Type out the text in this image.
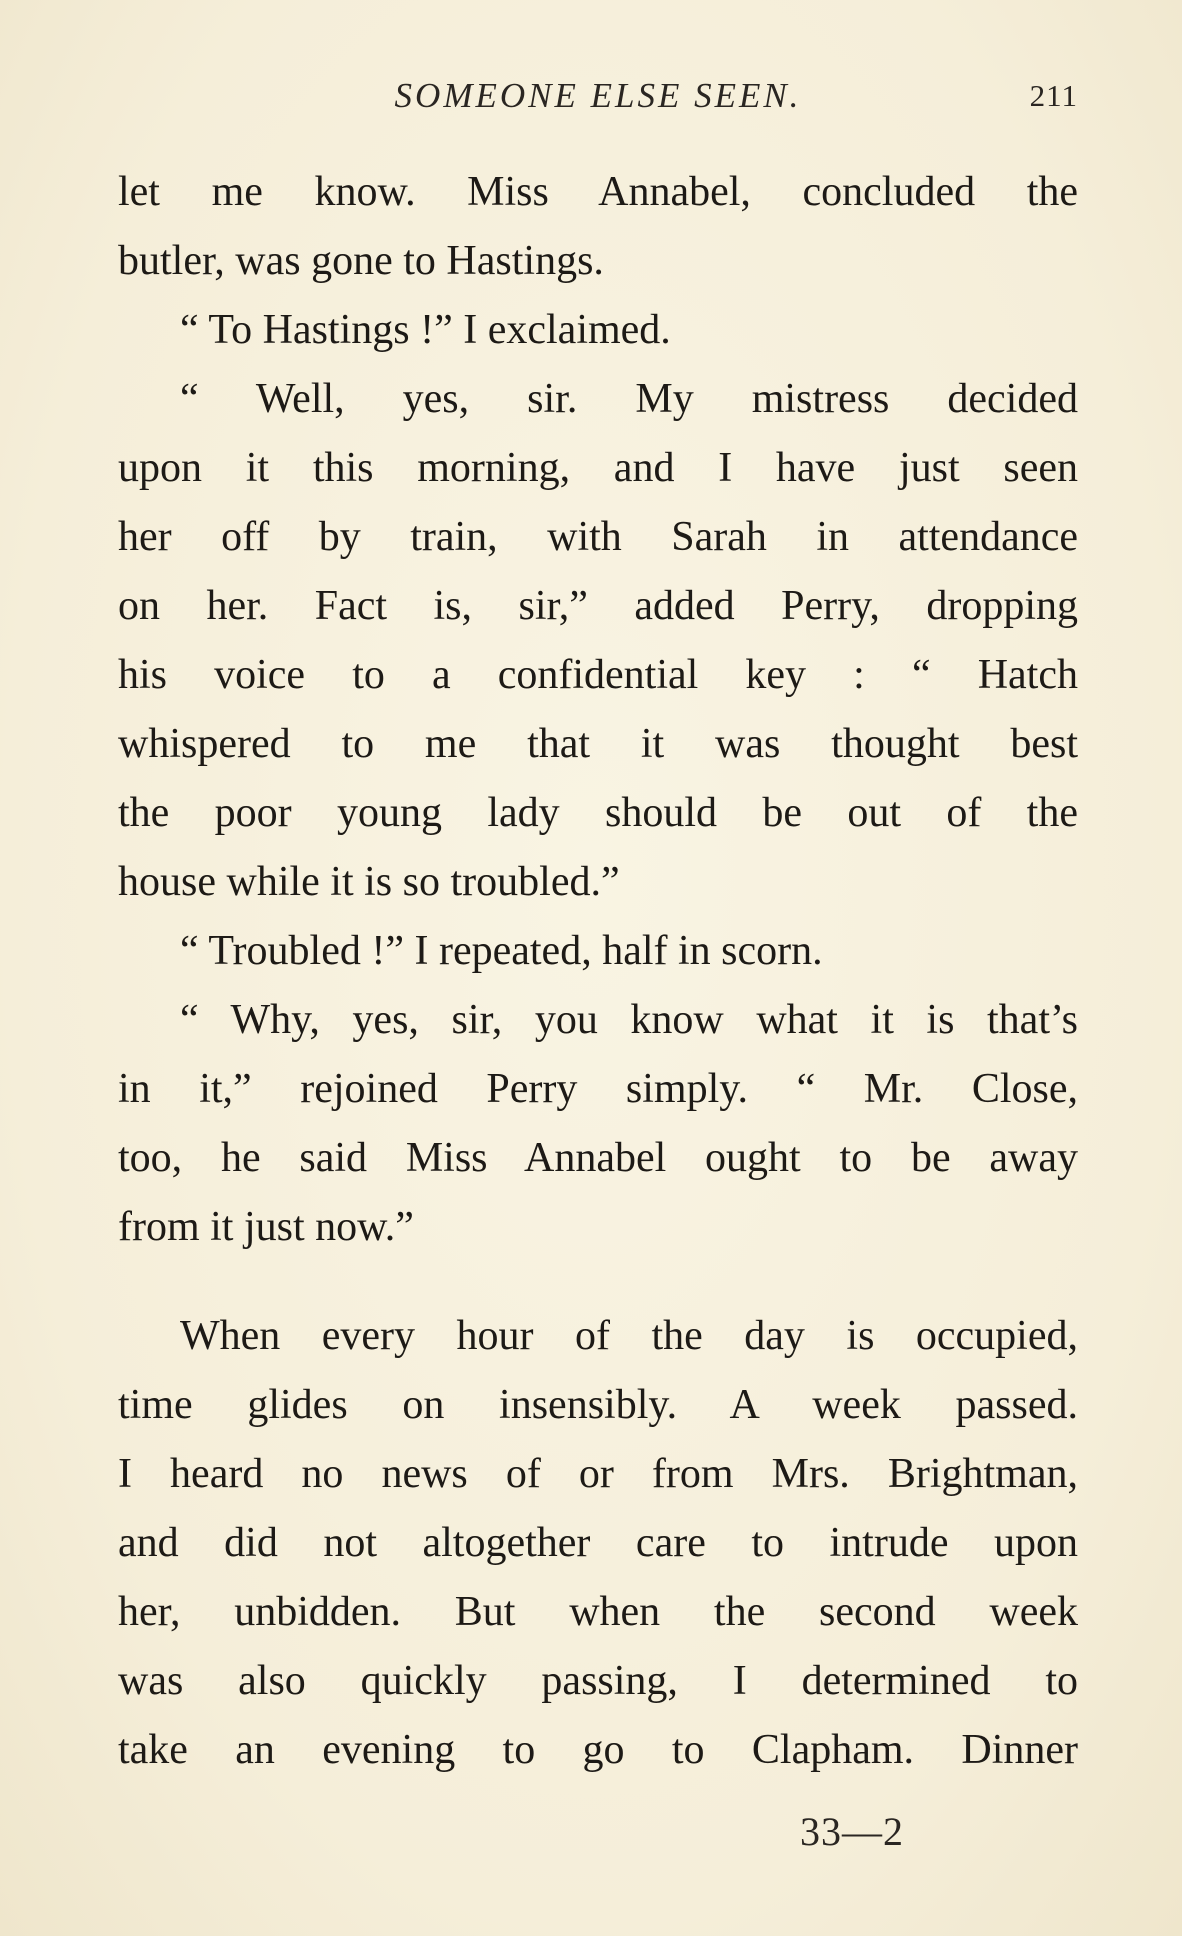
SOMEONE ELSE SEEN.	211
let me know. Miss Annabel, concluded the
butler, was gone to Hastings.
“ To Hastings !” I exclaimed.
“ Well, yes, sir. My mistress decided
upon it this morning, and I have just seen
her off by train, with Sarah in attendance
on her. Fact is, sir,” added Perry, dropping
his voice to a confidential key : “ Hatch
whispered to me that it was thought best
the poor young lady should be out of the
house while it is so troubled.”
“ Troubled !” I repeated, half in scorn.
“ Why, yes, sir, you know what it is that’s
in it,” rejoined Perry simply. “ Mr. Close,
too, he said Miss Annabel ought to be away
from it just now.”
When every hour of the day is occupied,
time glides on insensibly. A week passed.
I heard no news of or from Mrs. Brightman,
and did not altogether care to intrude upon
her, unbidden. But when the second week
was also quickly passing, I determined to
take an evening to go to Clapham. Dinner
33—2
